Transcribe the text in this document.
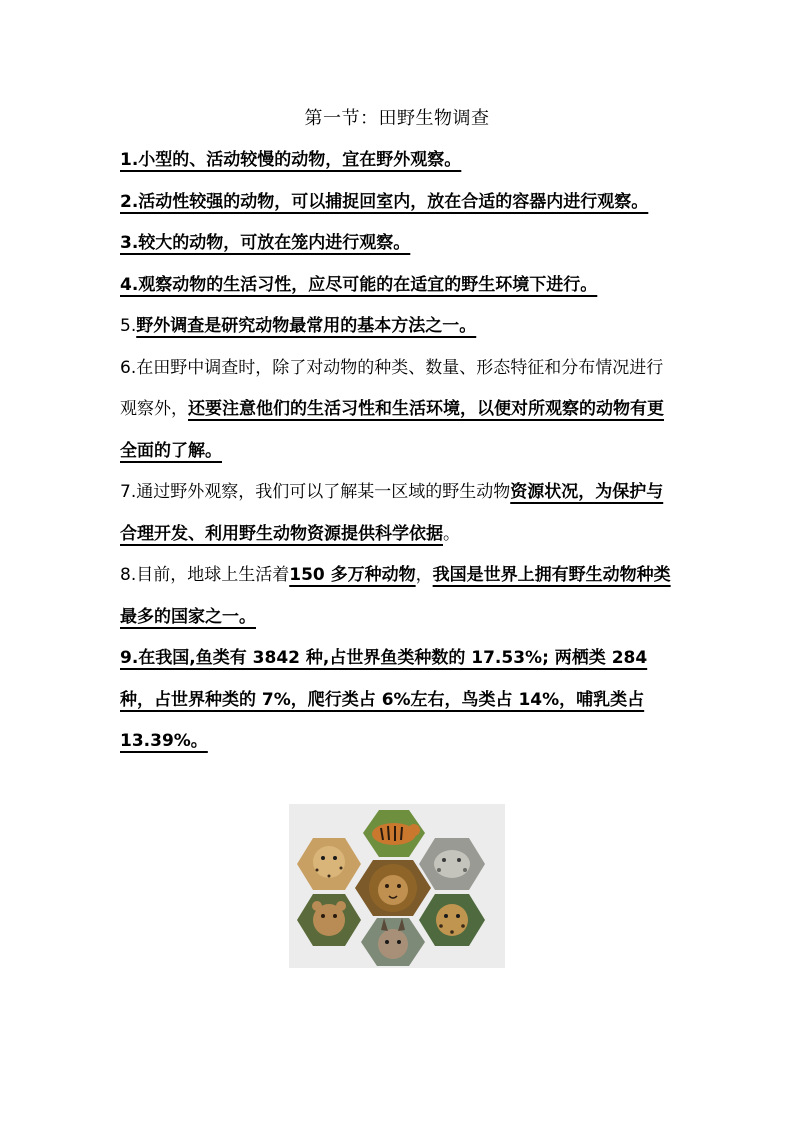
第一节：田野生物调查

1.小型的、活动较慢的动物，宜在野外观察。

2.活动性较强的动物，可以捕捉回室内，放在合适的容器内进行观察。

3.较大的动物，可放在笼内进行观察。

4.观察动物的生活习性，应尽可能的在适宜的野生环境下进行。

5.野外调查是研究动物最常用的基本方法之一。

6.在田野中调查时，除了对动物的种类、数量、形态特征和分布情况进行观察外，还要注意他们的生活习性和生活环境，以便对所观察的动物有更全面的了解。

7.通过野外观察，我们可以了解某一区域的野生动物资源状况，为保护与合理开发、利用野生动物资源提供科学依据。

8.目前，地球上生活着150 多万种动物，我国是世界上拥有野生动物种类最多的国家之一。

9.在我国,鱼类有 3842 种,占世界鱼类种数的 17.53%; 两栖类 284 种，占世界种类的 7%，爬行类占 6%左右，鸟类占 14%，哺乳类占 13.39%。
